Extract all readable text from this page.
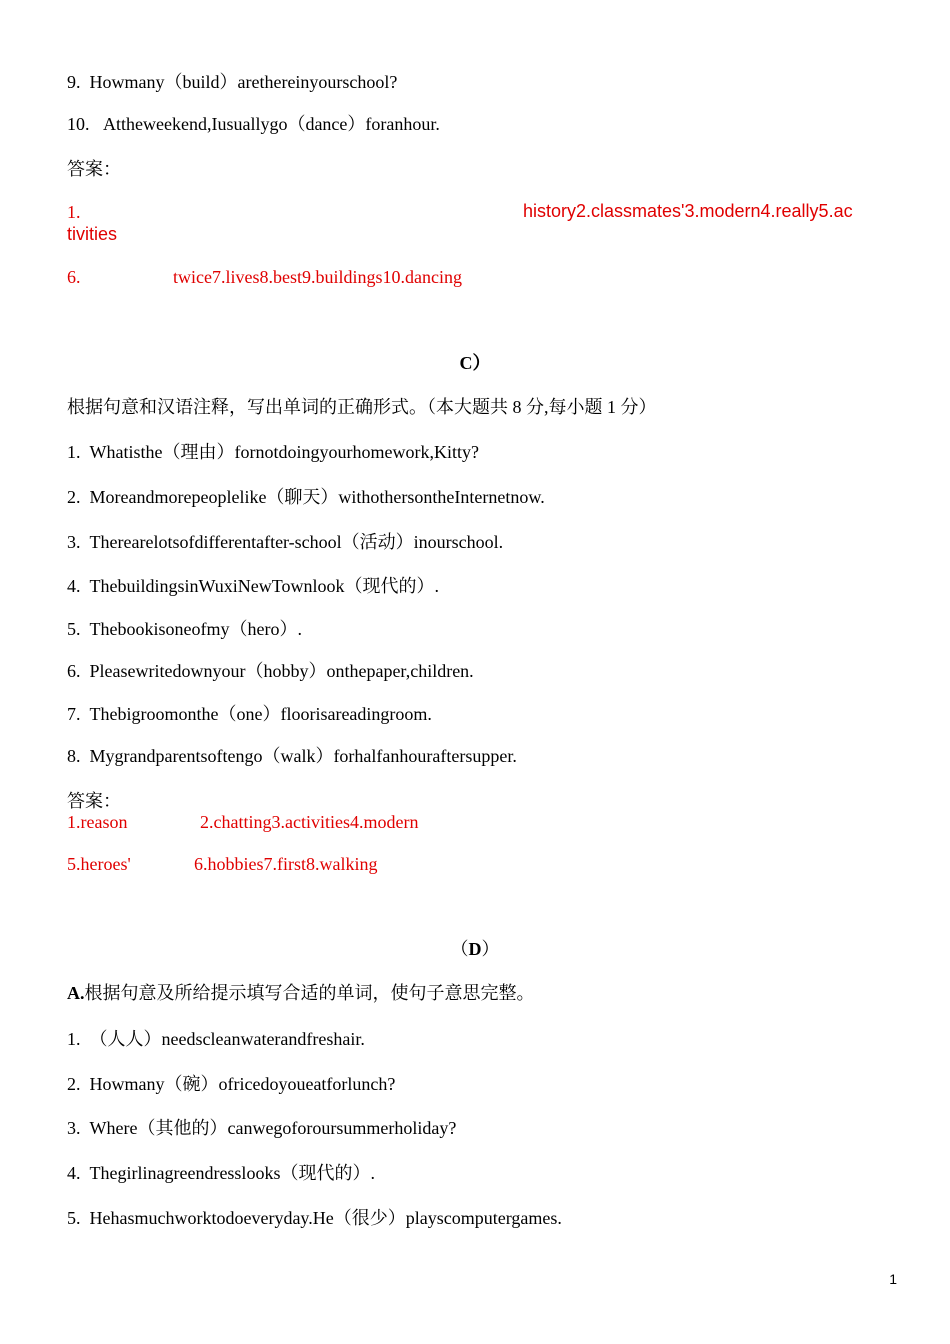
9. Howmany（build）arethereinyourschool?
10. Attheweekend,Iusuallygo（dance）foranhour.
答案：
1.	history2.classmates'3.modern4.really5.ac
tivities
6.	twice7.lives8.best9.buildings10.dancing
C）
根据句意和汉语注释，写出单词的正确形式。（本大题共 8 分,每小题 1 分）
1. Whatisthe（理由）fornotdoingyourhomework,Kitty?
2. Moreandmorepeoplelike（聊天）withothersontheInternetnow.
3. Therearelotsofdifferentafter-school（活动）inourschool.
4. ThebuildingsinWuxiNewTownlook（现代的）.
5. Thebookisoneofmy（hero）.
6. Pleasewritedownyour（hobby）onthepaper,children.
7. Thebigroomonthe（one）floorisareadingroom.
8. Mygrandparentsoftengo（walk）forhalfanhouraftersupper.
答案：
1.reason	2.chatting3.activities4.modern
5.heroes'	6.hobbies7.first8.walking
（D）
A.根据句意及所给提示填写合适的单词，使句子意思完整。
1. （人人）needscleanwaterandfreshair.
2. Howmany（碗）ofricedoyoueatforlunch?
3. Where（其他的）canwegoforoursummerholiday?
4. Thegirlinagreendresslooks（现代的）.
5. Hehasmuchworktodoeveryday.He（很少）playscomputergames.
1
